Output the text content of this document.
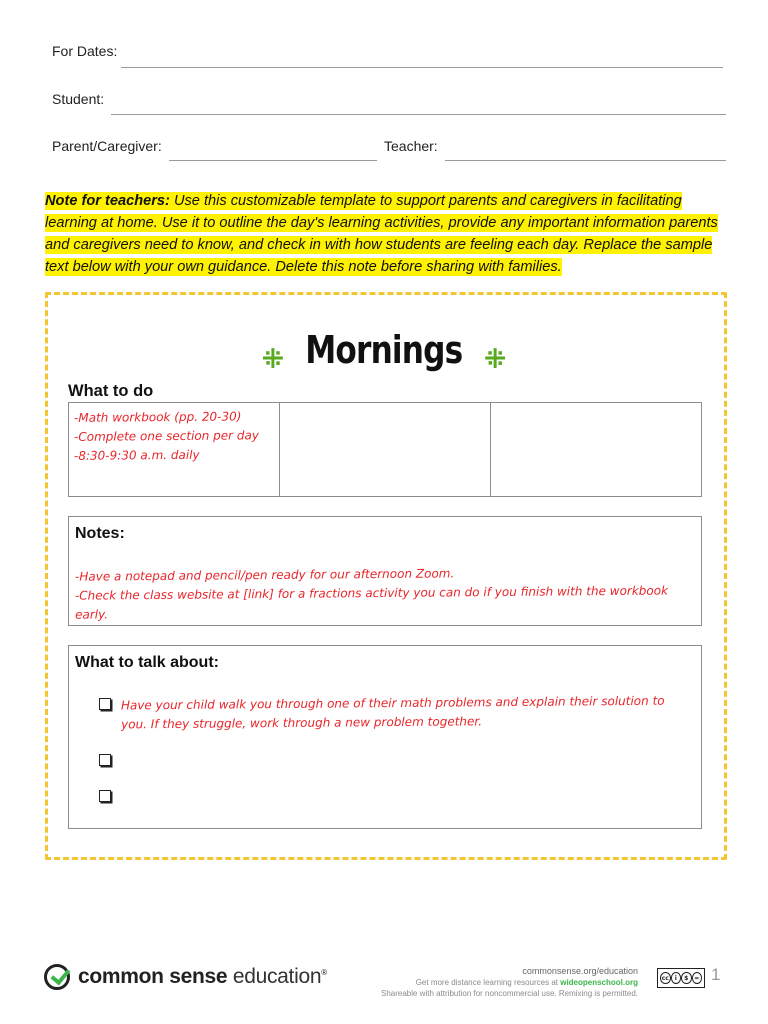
For Dates:
Student:
Parent/Caregiver:	Teacher:
Note for teachers: Use this customizable template to support parents and caregivers in facilitating learning at home. Use it to outline the day's learning activities, provide any important information parents and caregivers need to know, and check in with how students are feeling each day. Replace the sample text below with your own guidance. Delete this note before sharing with families.
⁜ Mornings ⁜
What to do
-Math workbook (pp. 20-30)
-Complete one section per day
-8:30-9:30 a.m. daily
Notes:
-Have a notepad and pencil/pen ready for our afternoon Zoom.
-Check the class website at [link] for a fractions activity you can do if you finish with the workbook early.
What to talk about:
Have your child walk you through one of their math problems and explain their solution to you. If they struggle, work through a new problem together.
common sense education®	commonsense.org/education
Get more distance learning resources at wideopenschool.org
Shareable with attribution for noncommercial use. Remixing is permitted.
cc i	$ = 1
